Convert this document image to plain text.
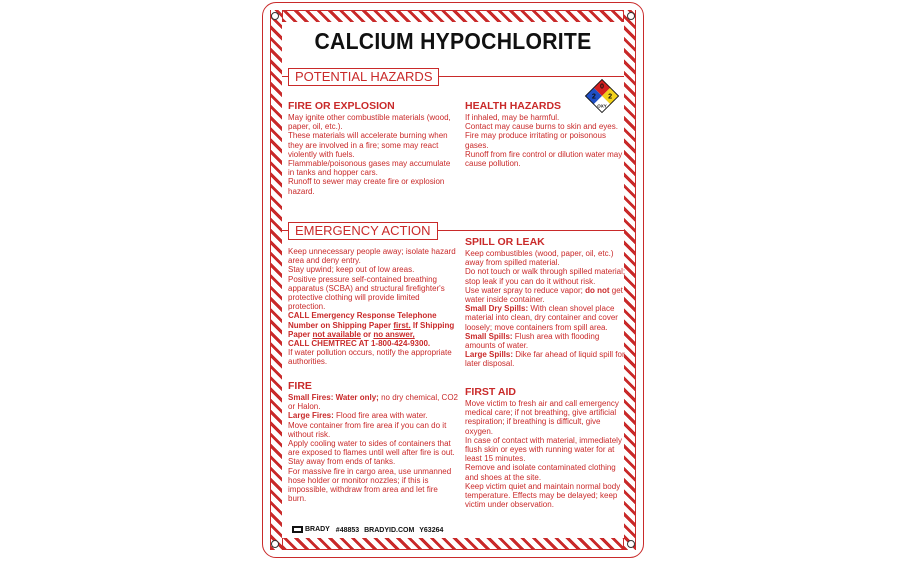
CALCIUM HYPOCHLORITE
POTENTIAL HAZARDS
0
2 2
OXY
FIRE OR EXPLOSION

May ignite other combustible materials (wood, paper, oil, etc.).

These materials will accelerate burning when they are involved in a fire; some may react violently with fuels.

Flammable/poisonous gases may accumulate in tanks and hopper cars.

Runoff to sewer may create fire or explosion hazard.

HEALTH HAZARDS

If inhaled, may be harmful.

Contact may cause burns to skin and eyes.

Fire may produce irritating or poisonous gases.

Runoff from fire control or dilution water may cause pollution.

EMERGENCY ACTION

Keep unnecessary people away; isolate hazard area and deny entry.

Stay upwind; keep out of low areas.

Positive pressure self-contained breathing apparatus (SCBA) and structural firefighter's protective clothing will provide limited protection.

CALL Emergency Response Telephone Number on Shipping Paper first. If Shipping Paper not available or no answer,

CALL CHEMTREC AT 1-800-424-9300.

If water pollution occurs, notify the appropriate authorities.

SPILL OR LEAK

Keep combustibles (wood, paper, oil, etc.) away from spilled material.

Do not touch or walk through spilled material; stop leak if you can do it without risk.

Use water spray to reduce vapor; do not get water inside container.

Small Dry Spills: With clean shovel place material into clean, dry container and cover loosely; move containers from spill area.

Small Spills: Flush area with flooding amounts of water.

Large Spills: Dike far ahead of liquid spill for later disposal.

FIRE

Small Fires: Water only; no dry chemical, CO2 or Halon.

Large Fires: Flood fire area with water.

Move container from fire area if you can do it without risk.

Apply cooling water to sides of containers that are exposed to flames until well after fire is out.

Stay away from ends of tanks.

For massive fire in cargo area, use unmanned hose holder or monitor nozzles; if this is impossible, withdraw from area and let fire burn.

FIRST AID

Move victim to fresh air and call emergency medical care; if not breathing, give artificial respiration; if breathing is difficult, give oxygen.

In case of contact with material, immediately flush skin or eyes with running water for at least 15 minutes.

Remove and isolate contaminated clothing and shoes at the site.

Keep victim quiet and maintain normal body temperature. Effects may be delayed; keep victim under observation.

BRADY #48853 BRADYID.COM Y63264
